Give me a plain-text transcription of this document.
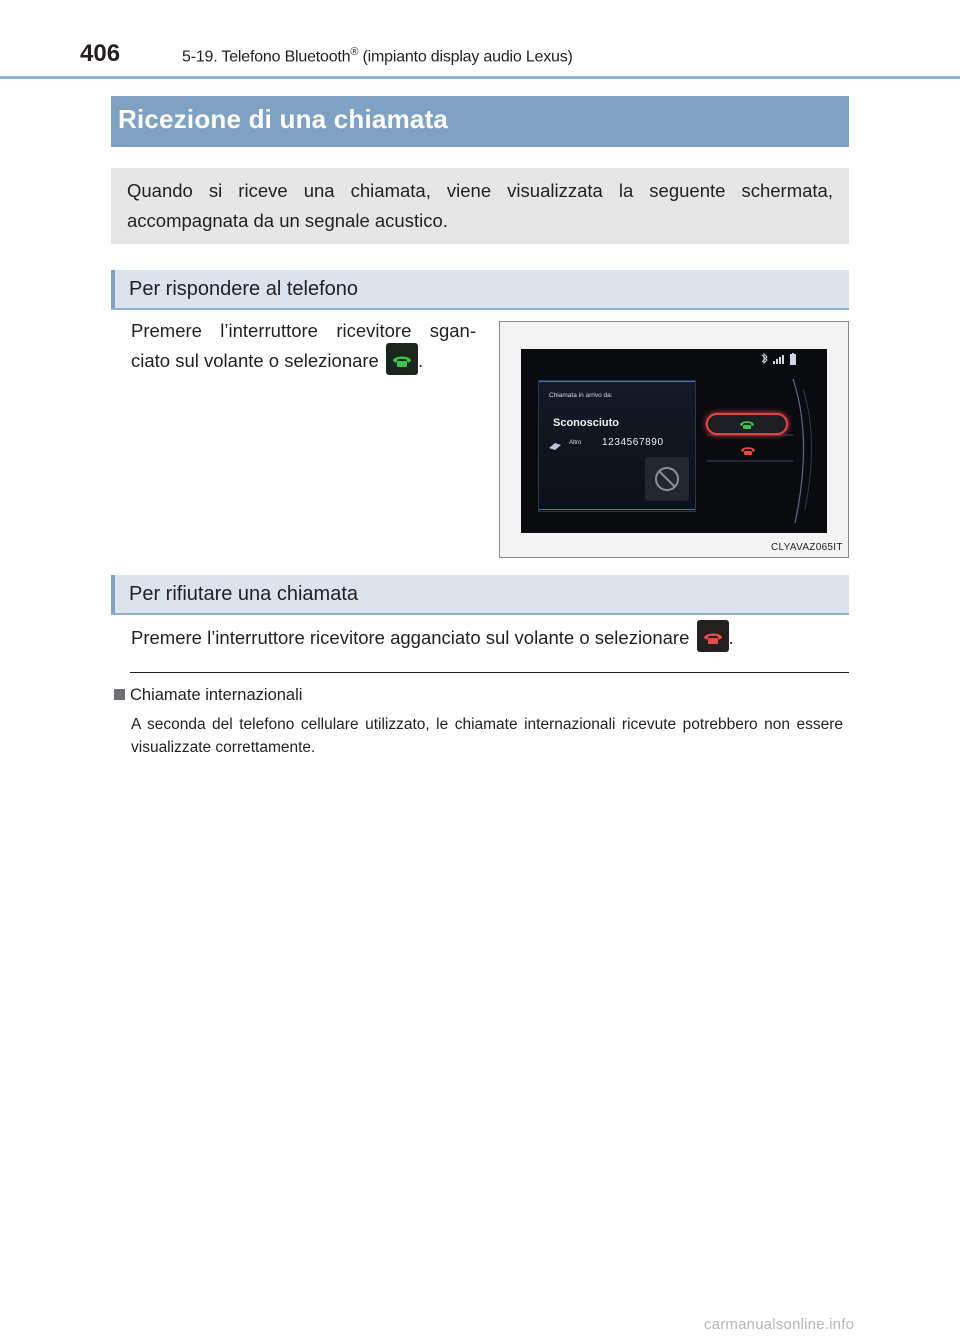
406	5-19. Telefono Bluetooth® (impianto display audio Lexus)
Ricezione di una chiamata
Quando si riceve una chiamata, viene visualizzata la seguente schermata, accompagnata da un segnale acustico.
Per rispondere al telefono
Premere l’interruttore ricevitore sgan-
ciato sul volante o selezionare .
Chiamata in arrivo da:
Sconosciuto
Altro 1234567890
CLYAVAZ065IT
Per rifiutare una chiamata
Premere l’interruttore ricevitore agganciato sul volante o selezionare .
Chiamate internazionali
A seconda del telefono cellulare utilizzato, le chiamate internazionali ricevute potrebbero non essere visualizzate correttamente.
carmanualsonline.info
